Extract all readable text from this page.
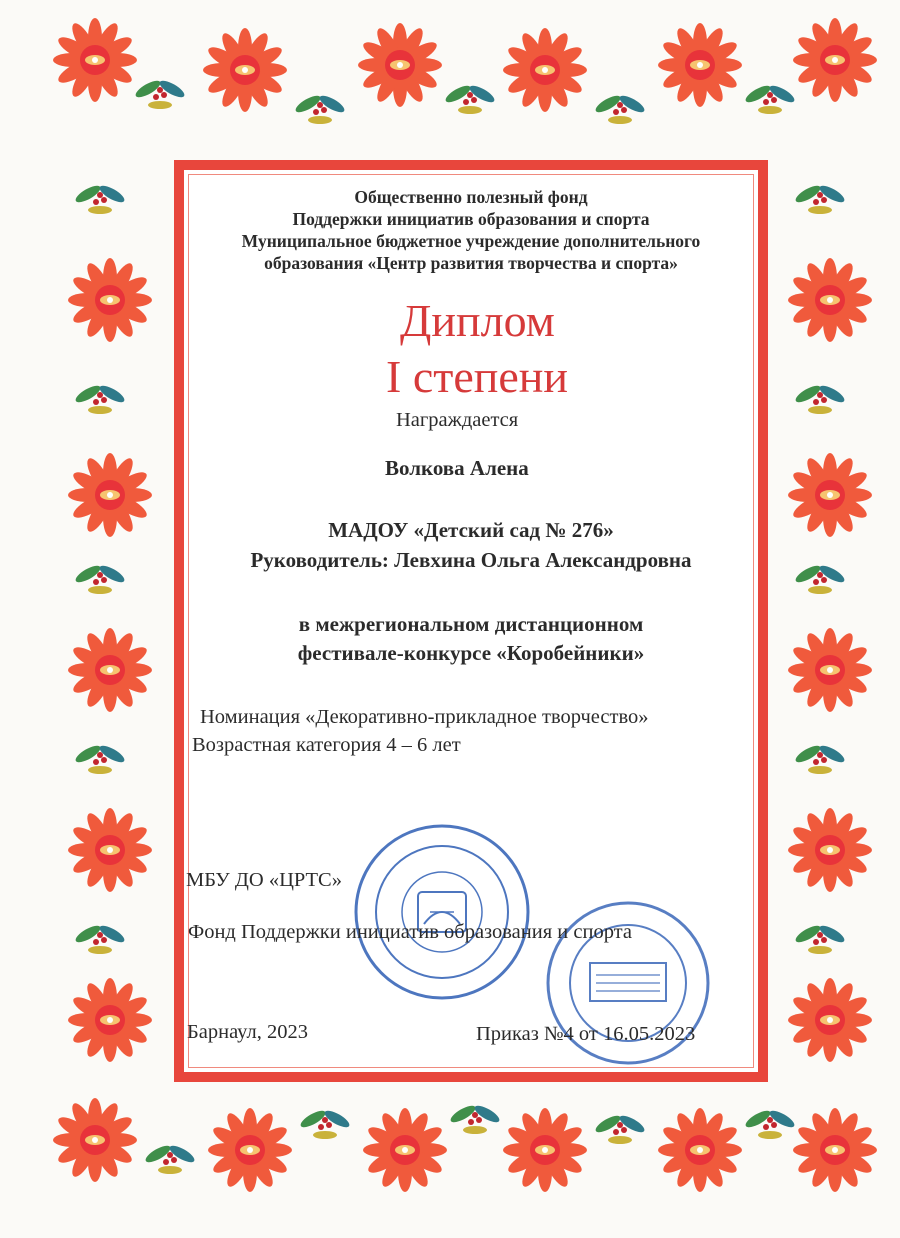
Общественно полезный фонд
Поддержки инициатив образования и спорта
Муниципальное бюджетное учреждение дополнительного
образования «Центр развития творчества и спорта»
Диплом
I степени
Награждается
Волкова Алена
МАДОУ «Детский сад № 276»
Руководитель: Левхина Ольга Александровна
в межрегиональном дистанционном
фестивале-конкурсе «Коробейники»
Номинация «Декоративно-прикладное творчество»
Возрастная категория 4 – 6 лет
МБУ ДО «ЦРТС»
Фонд Поддержки инициатив образования и спорта
Барнаул, 2023	Приказ №4 от 16.05.2023
